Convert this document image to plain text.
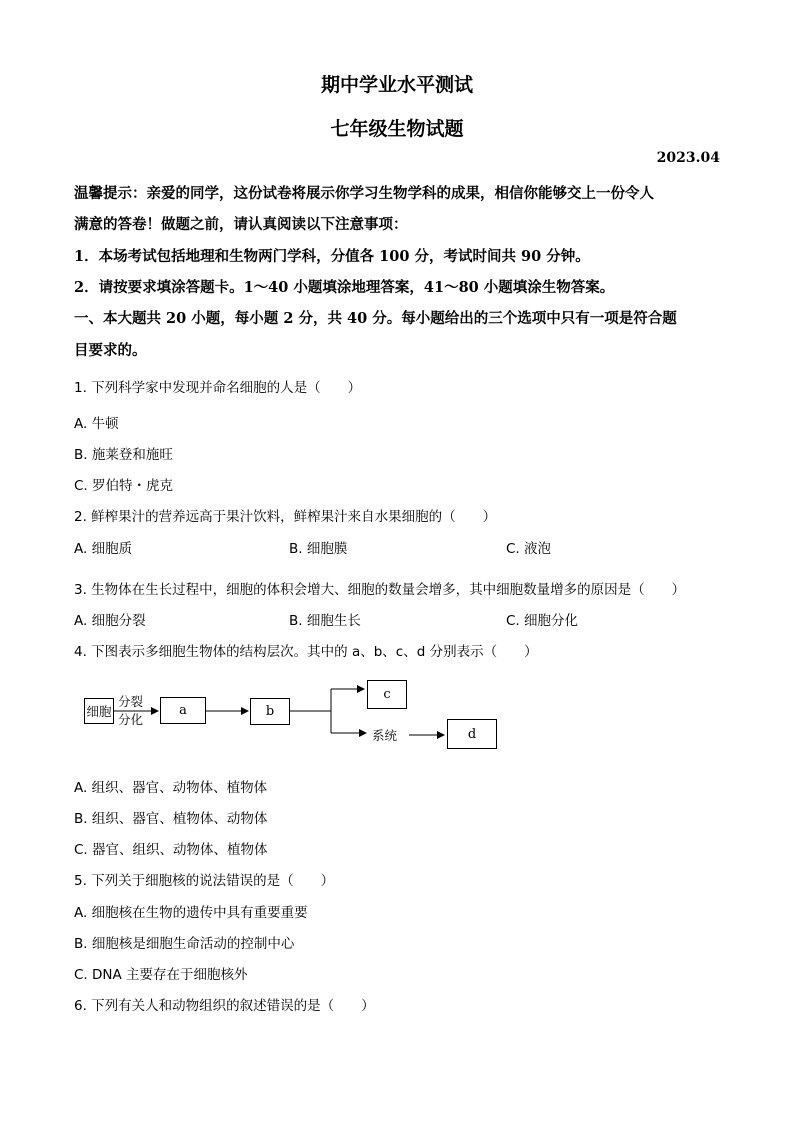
期中学业水平测试
七年级生物试题
2023.04
温馨提示：亲爱的同学，这份试卷将展示你学习生物学科的成果，相信你能够交上一份令人
满意的答卷！做题之前，请认真阅读以下注意事项：
1．本场考试包括地理和生物两门学科，分值各 100 分，考试时间共 90 分钟。
2．请按要求填涂答题卡。1～40 小题填涂地理答案，41～80 小题填涂生物答案。
一、本大题共 20 小题，每小题 2 分，共 40 分。每小题给出的三个选项中只有一项是符合题
目要求的。
1. 下列科学家中发现并命名细胞的人是（　　）
A. 牛顿
B. 施莱登和施旺
C. 罗伯特・虎克
2. 鲜榨果汁的营养远高于果汁饮料，鲜榨果汁来自水果细胞的（　　）
A. 细胞质	B. 细胞膜	C. 液泡
3. 生物体在生长过程中，细胞的体积会增大、细胞的数量会增多，其中细胞数量增多的原因是（　　）
A. 细胞分裂	B. 细胞生长	C. 细胞分化
4. 下图表示多细胞生物体的结构层次。其中的 a、b、c、d 分别表示（　　）
细胞
分裂
分化
a	b
c
系统	d
A. 组织、器官、动物体、植物体
B. 组织、器官、植物体、动物体
C. 器官、组织、动物体、植物体
5. 下列关于细胞核的说法错误的是（　　）
A. 细胞核在生物的遗传中具有重要重要
B. 细胞核是细胞生命活动的控制中心
C. DNA 主要存在于细胞核外
6. 下列有关人和动物组织的叙述错误的是（　　）
